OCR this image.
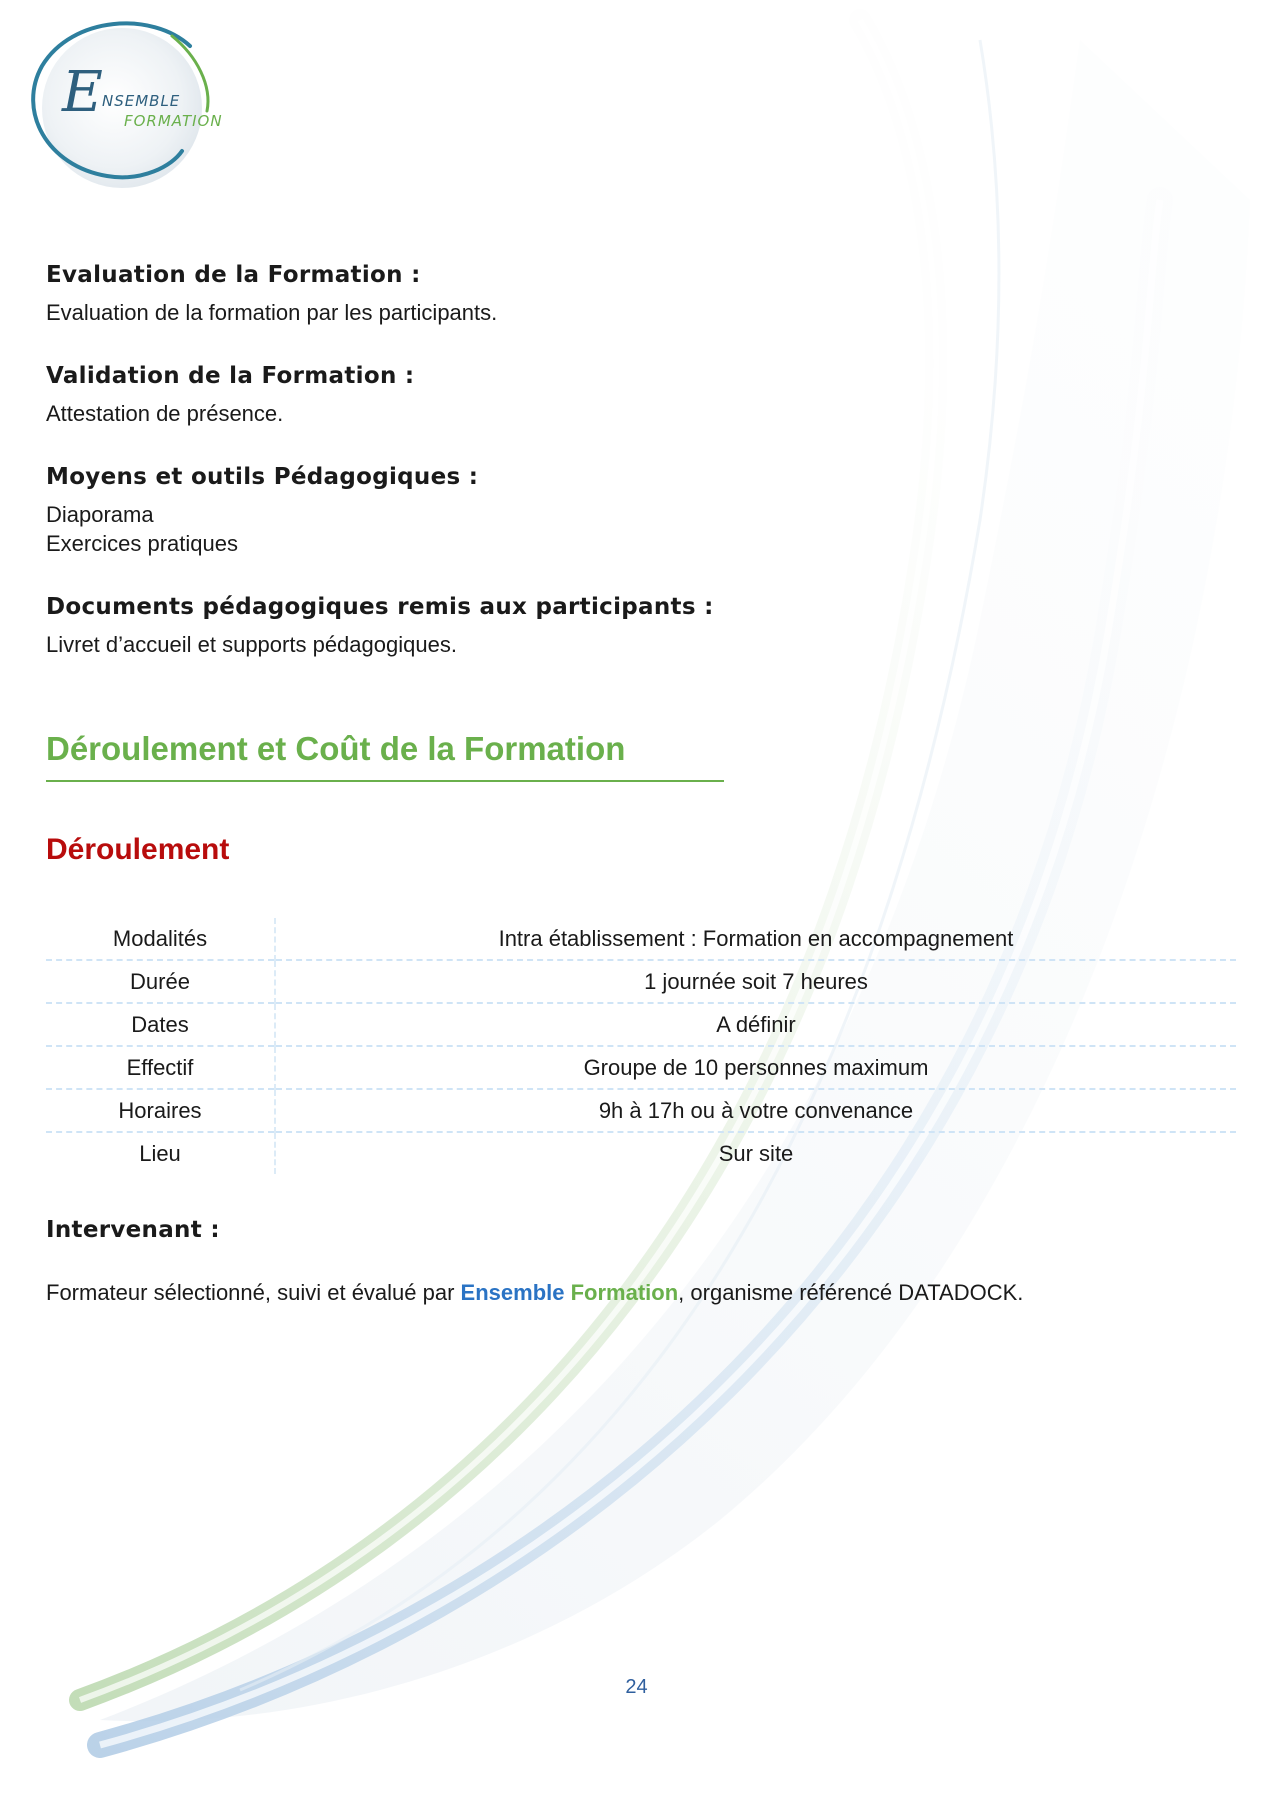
E NSEMBLE
FORMATION
Evaluation de la Formation :

Evaluation de la formation par les participants.

Validation de la Formation :

Attestation de présence.

Moyens et outils Pédagogiques :

Diaporama

Exercices pratiques

Documents pédagogiques remis aux participants :

Livret d’accueil et supports pédagogiques.

Déroulement et Coût de la Formation
Déroulement
Modalités	Intra établissement : Formation en accompagnement
Durée	1 journée soit 7 heures
Dates	A définir
Effectif	Groupe de 10 personnes maximum
Horaires	9h à 17h ou à votre convenance
Lieu	Sur site
Intervenant :

Formateur sélectionné, suivi et évalué par Ensemble Formation, organisme référencé DATADOCK.

24
